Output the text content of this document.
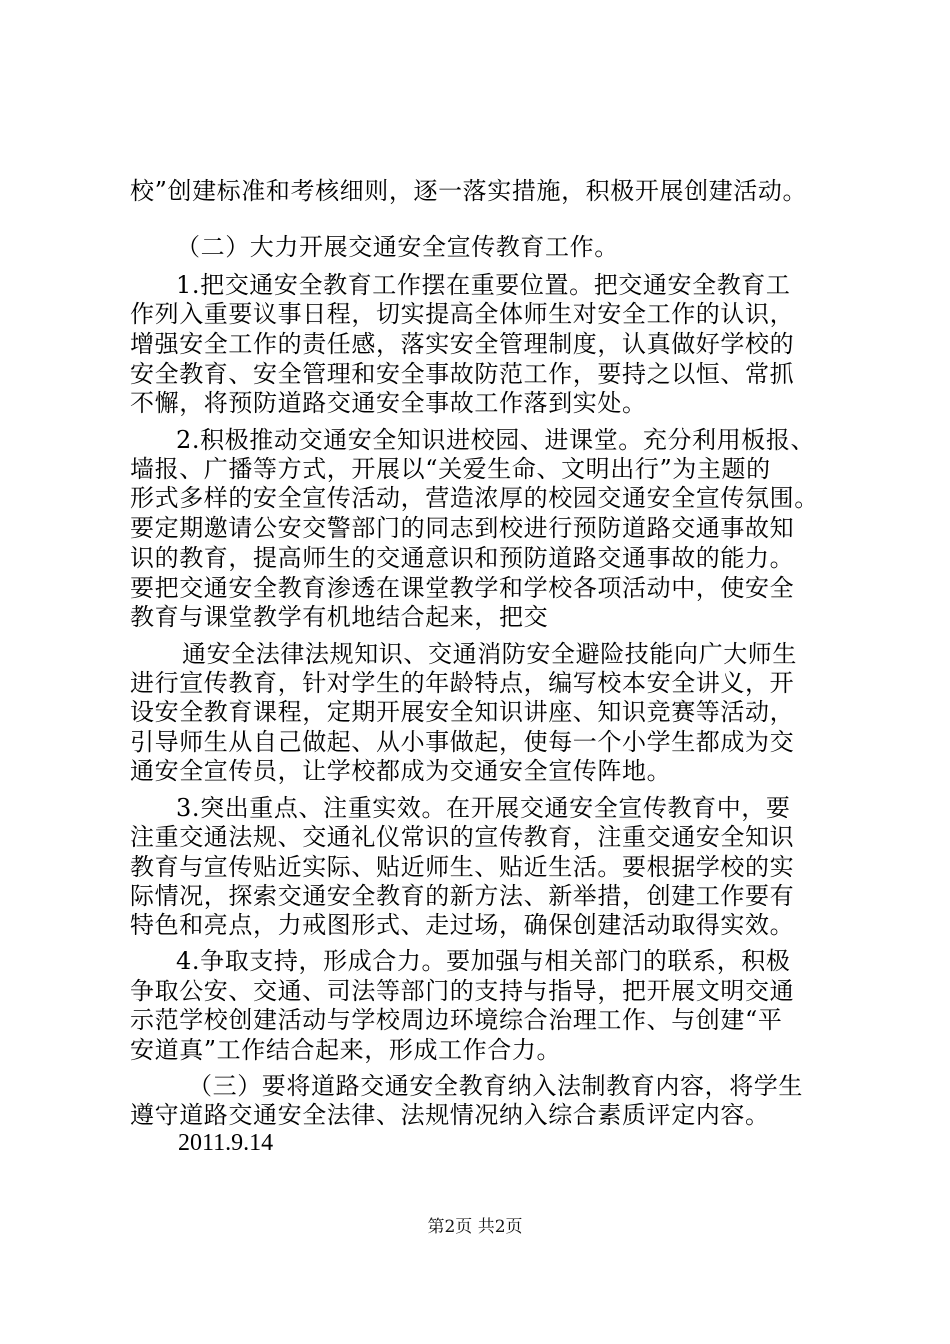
校”创建标准和考核细则，逐一落实措施，积极开展创建活动。
（二）大力开展交通安全宣传教育工作。
1.把交通安全教育工作摆在重要位置。把交通安全教育工
作列入重要议事日程，切实提高全体师生对安全工作的认识，
增强安全工作的责任感，落实安全管理制度，认真做好学校的
安全教育、安全管理和安全事故防范工作，要持之以恒、常抓
不懈，将预防道路交通安全事故工作落到实处。
2.积极推动交通安全知识进校园、进课堂。充分利用板报、
墙报、广播等方式，开展以“关爱生命、文明出行”为主题的
形式多样的安全宣传活动，营造浓厚的校园交通安全宣传氛围。
要定期邀请公安交警部门的同志到校进行预防道路交通事故知
识的教育，提高师生的交通意识和预防道路交通事故的能力。
要把交通安全教育渗透在课堂教学和学校各项活动中，使安全
教育与课堂教学有机地结合起来，把交
通安全法律法规知识、交通消防安全避险技能向广大师生
进行宣传教育，针对学生的年龄特点，编写校本安全讲义，开
设安全教育课程，定期开展安全知识讲座、知识竞赛等活动，
引导师生从自己做起、从小事做起，使每一个小学生都成为交
通安全宣传员，让学校都成为交通安全宣传阵地。
3.突出重点、注重实效。在开展交通安全宣传教育中，要
注重交通法规、交通礼仪常识的宣传教育，注重交通安全知识
教育与宣传贴近实际、贴近师生、贴近生活。要根据学校的实
际情况，探索交通安全教育的新方法、新举措，创建工作要有
特色和亮点，力戒图形式、走过场，确保创建活动取得实效。
4.争取支持，形成合力。要加强与相关部门的联系，积极
争取公安、交通、司法等部门的支持与指导，把开展文明交通
示范学校创建活动与学校周边环境综合治理工作、与创建“平
安道真”工作结合起来，形成工作合力。
（三）要将道路交通安全教育纳入法制教育内容，将学生
遵守道路交通安全法律、法规情况纳入综合素质评定内容。
2011.9.14
第2页 共2页
